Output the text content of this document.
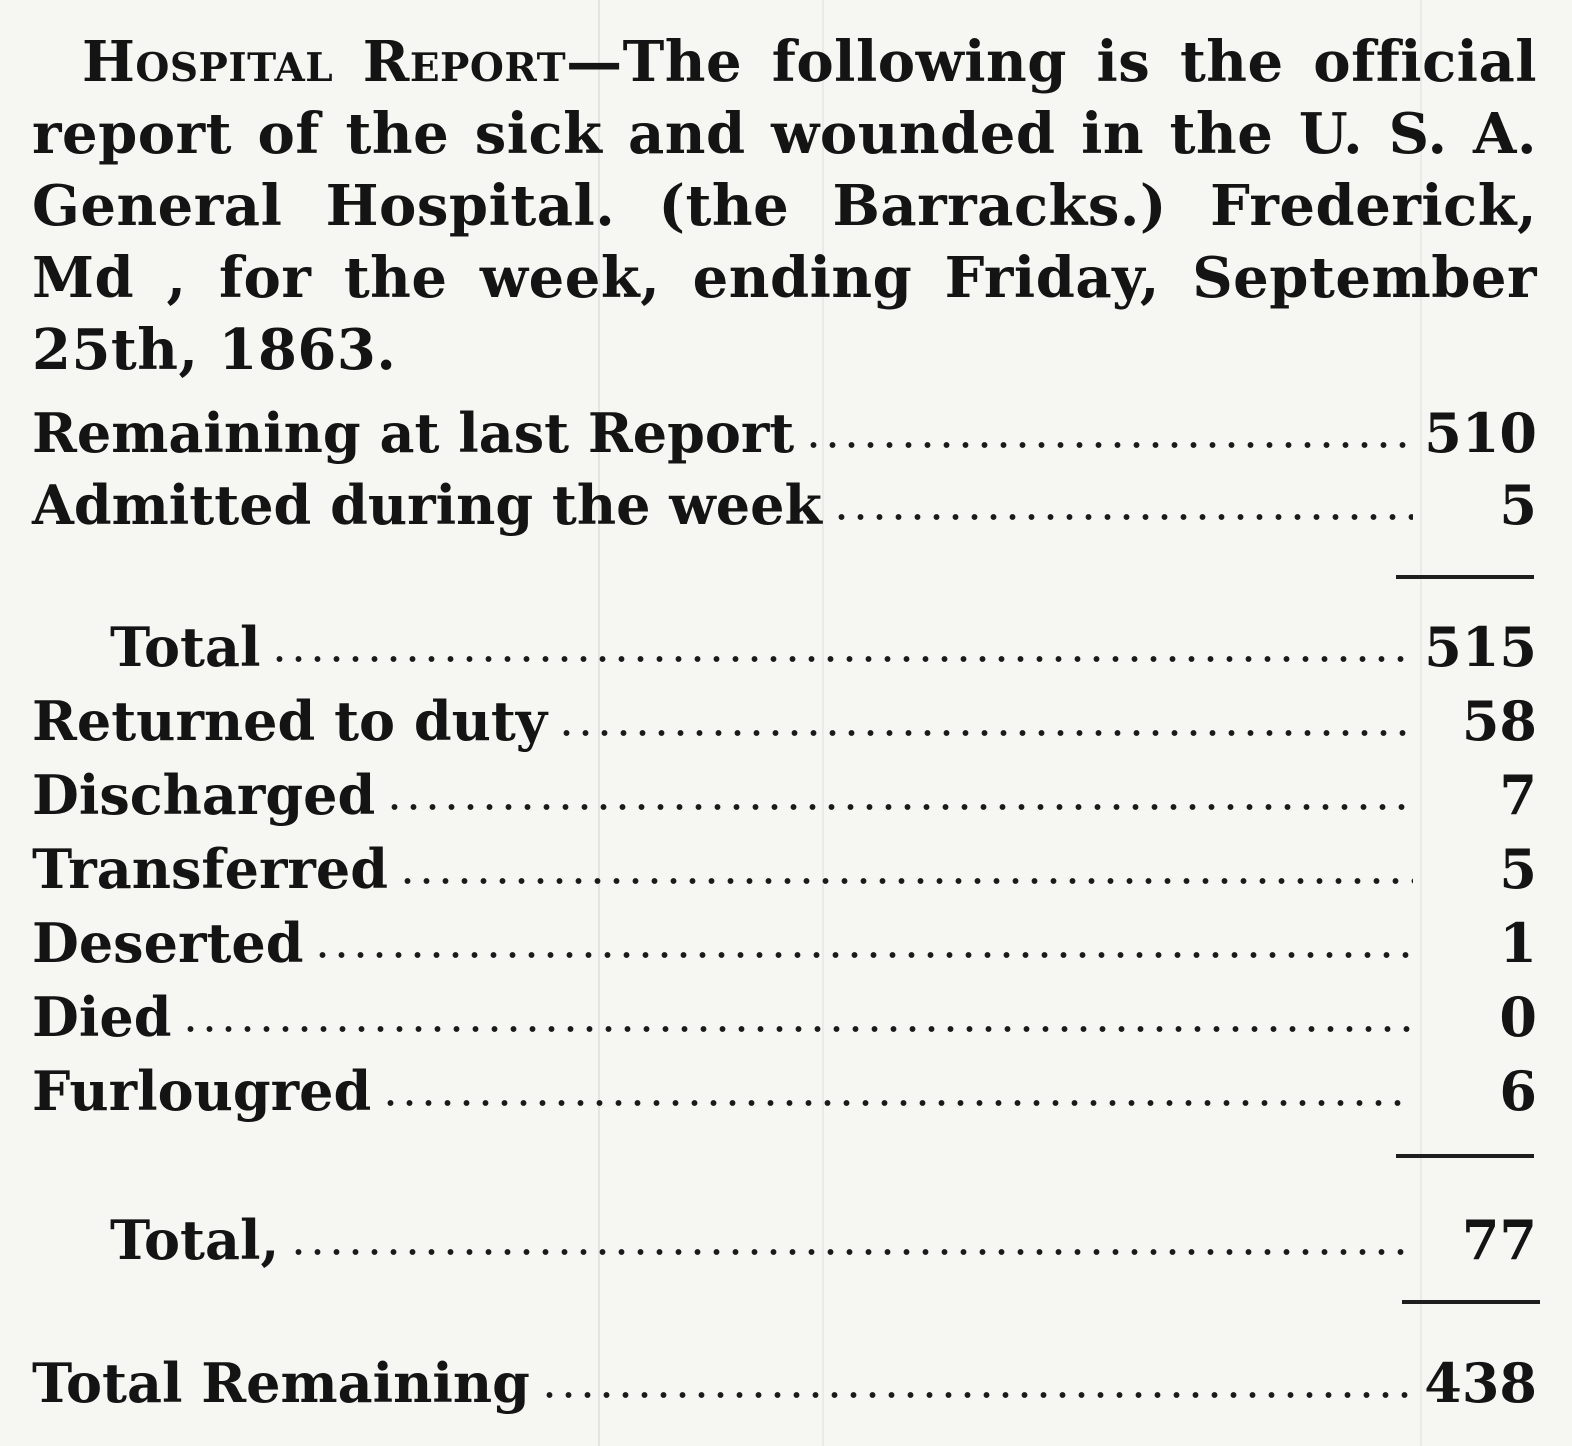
Hospital Report—The following is the official report of the sick and wounded in the U. S. A. General Hospital. (the Barracks.) Frederick, Md , for the week, ending Friday, September 25th, 1863.
Remaining at last Report	510
Admitted during the week	5
Total	515
Returned to duty	58
Discharged	7
Transferred	5
Deserted	1
Died	0
Furlougred	6
Total,	77
Total Remaining	438
